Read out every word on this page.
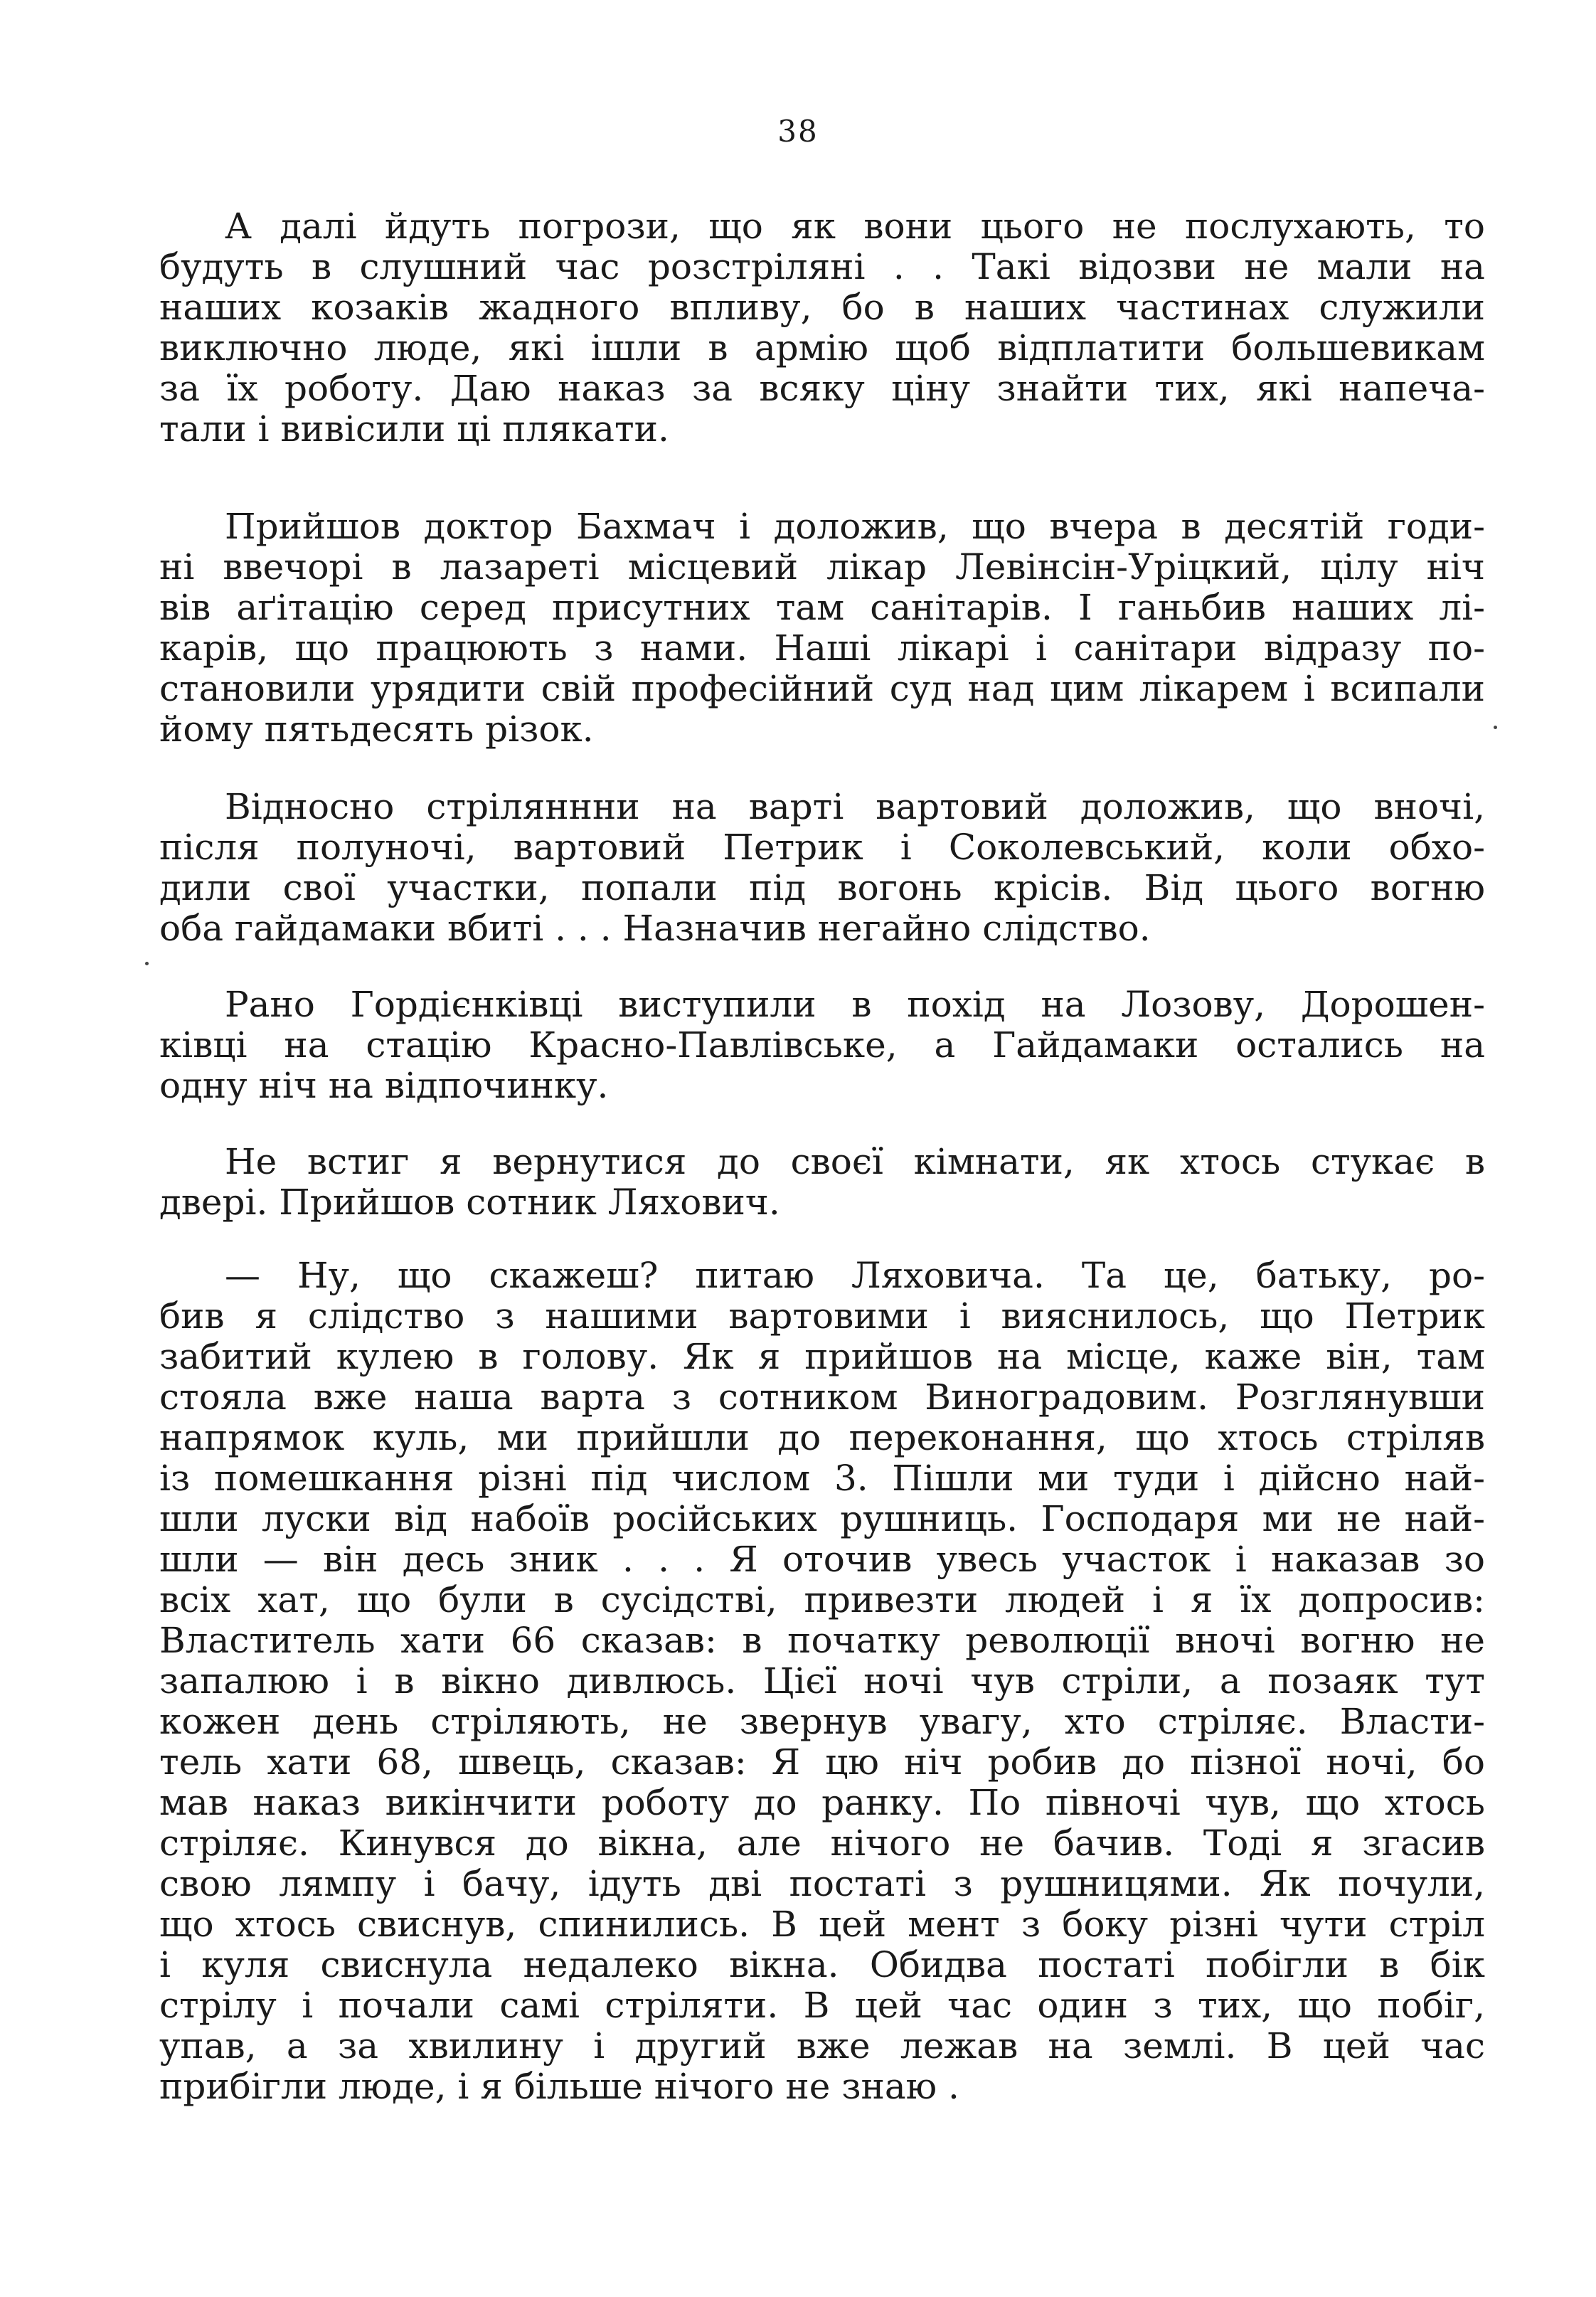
38
А далі йдуть погрози, що як вони цього не послухають, то
будуть в слушний час розстріляні . . Такі відозви не мали на
наших козаків жадного впливу, бо в наших частинах служили
виключно люде, які ішли в армію щоб відплатити большевикам
за їх роботу. Даю наказ за всяку ціну знайти тих, які напеча-
тали і вивісили ці плякати.
Прийшов доктор Бахмач і доложив, що вчера в десятій годи-
ні ввечорі в лазареті місцевий лікар Левінсін-Уріцкий, цілу ніч
вів аґітацію серед присутних там санітарів. І ганьбив наших лі-
карів, що працюють з нами. Наші лікарі і санітари відразу по-
становили урядити свій професійний суд над цим лікарем і всипали
йому пятьдесять різок.
Відносно стріляннни на варті вартовий доложив, що вночі,
після полуночі, вартовий Петрик і Соколевський, коли обхо-
дили свої участки, попали під вогонь крісів. Від цього вогню
оба гайдамаки вбиті . . . Назначив негайно слідство.
Рано Гордієнківці виступили в похід на Лозову, Дорошен-
ківці на стацію Красно-Павлівське, а Гайдамаки остались на
одну ніч на відпочинку.
Не встиг я вернутися до своєї кімнати, як хтось стукає в
двері. Прийшов сотник Ляхович.
— Ну, що скажеш? питаю Ляховича. Та це, батьку, ро-
бив я слідство з нашими вартовими і вияснилось, що Петрик
забитий кулею в голову. Як я прийшов на місце, каже він, там
стояла вже наша варта з сотником Виноградовим. Розглянувши
напрямок куль, ми прийшли до переконання, що хтось стріляв
із помешкання різні під числом 3. Пішли ми туди і дійсно най-
шли луски від набоїв російських рушниць. Господаря ми не най-
шли — він десь зник . . . Я оточив увесь участок і наказав зо
всіх хат, що були в сусідстві, привезти людей і я їх допросив:
Властитель хати 66 сказав: в початку революції вночі вогню не
запалюю і в вікно дивлюсь. Цієї ночі чув стріли, а позаяк тут
кожен день стріляють, не звернув увагу, хто стріляє. Власти-
тель хати 68, швець, сказав: Я цю ніч робив до пізної ночі, бо
мав наказ викінчити роботу до ранку. По півночі чув, що хтось
стріляє. Кинувся до вікна, але нічого не бачив. Тоді я згасив
свою лямпу і бачу, ідуть дві постаті з рушницями. Як почули,
що хтось свиснув, спинились. В цей мент з боку різні чути стріл
і куля свиснула недалеко вікна. Обидва постаті побігли в бік
стрілу і почали самі стріляти. В цей час один з тих, що побіг,
упав, а за хвилину і другий вже лежав на землі. В цей час
прибігли люде, і я більше нічого не знаю .
